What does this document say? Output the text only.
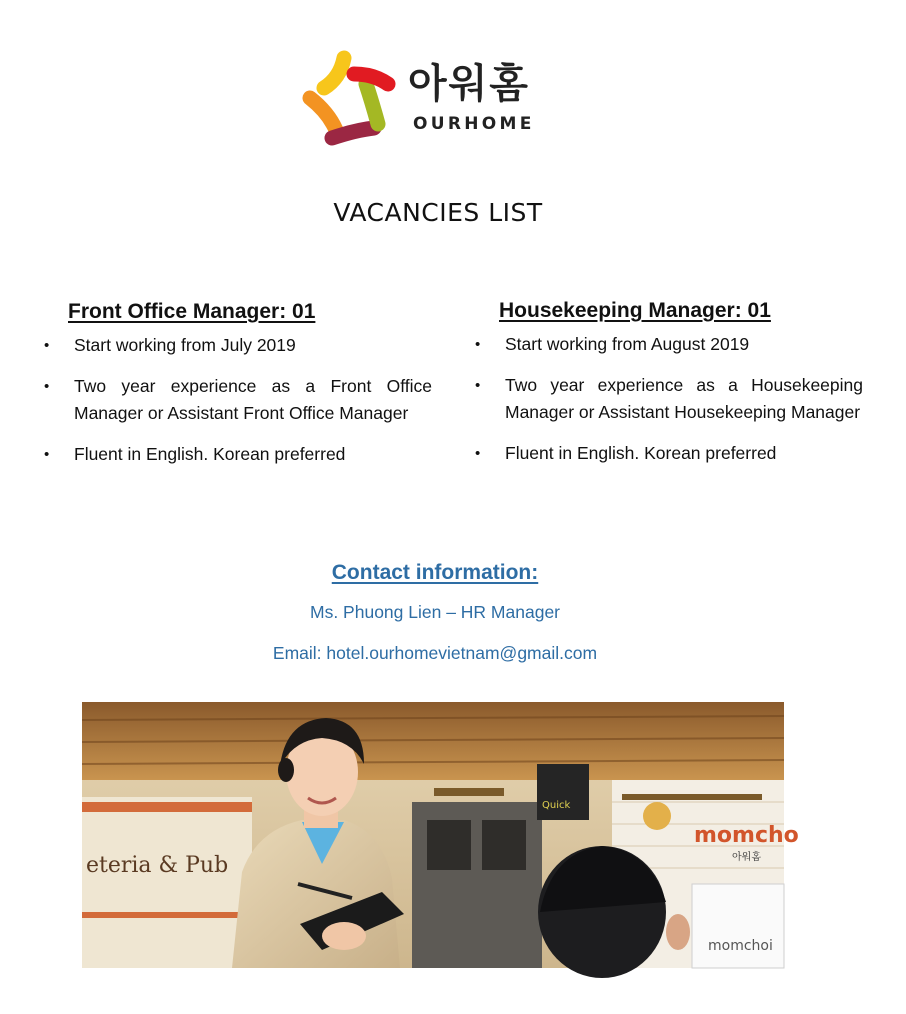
아워홈
OURHOME
VACANCIES LIST
Front Office Manager: 01
• Start working from July 2019
• Two year experience as a Front Office Manager or Assistant Front Office Manager
• Fluent in English. Korean preferred
Housekeeping Manager: 01
• Start working from August 2019
• Two year experience as a Housekeeping Manager or Assistant Housekeeping Manager
• Fluent in English. Korean preferred
Contact information:

Ms. Phuong Lien – HR Manager

Email: hotel.ourhomevietnam@gmail.com

eteria & Pub
Quick
momcho
아워홈
momchoi
